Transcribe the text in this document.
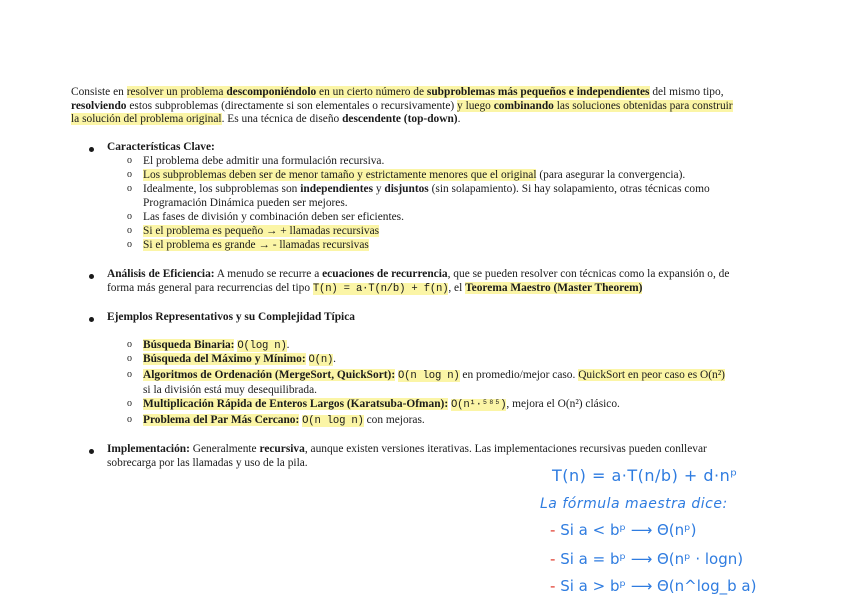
Consiste en resolver un problema descomponiéndolo en un cierto número de subproblemas más pequeños e independientes del mismo tipo,
resolviendo estos subproblemas (directamente si son elementales o recursivamente) y luego combinando las soluciones obtenidas para construir
la solución del problema original. Es una técnica de diseño descendente (top-down).
Características Clave:
o El problema debe admitir una formulación recursiva.
o Los subproblemas deben ser de menor tamaño y estrictamente menores que el original (para asegurar la convergencia).
o Idealmente, los subproblemas son independientes y disjuntos (sin solapamiento). Si hay solapamiento, otras técnicas como
Programación Dinámica pueden ser mejores.
o Las fases de división y combinación deben ser eficientes.
o Si el problema es pequeño → + llamadas recursivas
o Si el problema es grande → - llamadas recursivas
Análisis de Eficiencia: A menudo se recurre a ecuaciones de recurrencia, que se pueden resolver con técnicas como la expansión o, de
forma más general para recurrencias del tipo T(n) = a·T(n/b) + f(n), el Teorema Maestro (Master Theorem)
Ejemplos Representativos y su Complejidad Típica
o Búsqueda Binaria: O(log n).
o Búsqueda del Máximo y Mínimo: O(n).
o Algoritmos de Ordenación (MergeSort, QuickSort): O(n log n) en promedio/mejor caso. QuickSort en peor caso es O(n²)
si la división está muy desequilibrada.
o Multiplicación Rápida de Enteros Largos (Karatsuba-Ofman): O(n¹·⁵⁸⁵), mejora el O(n²) clásico.
o Problema del Par Más Cercano: O(n log n) con mejoras.
Implementación: Generalmente recursiva, aunque existen versiones iterativas. Las implementaciones recursivas pueden conllevar
sobrecarga por las llamadas y uso de la pila.
T(n) = a·T(n/b) + d·nᵖ
La fórmula maestra dice:
- Si a < bᵖ ⟶ Θ(nᵖ)
- Si a = bᵖ ⟶ Θ(nᵖ · logn)
- Si a > bᵖ ⟶ Θ(n^log_b a)
